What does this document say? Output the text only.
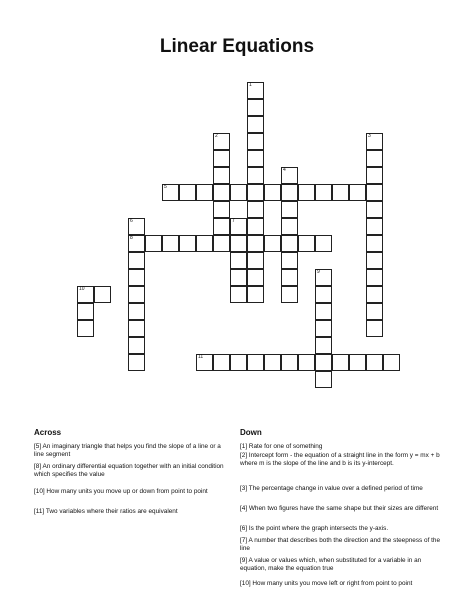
Linear Equations
1
2	3
4
6
8
7
9
10
5
11
Across	Down
[5] An imaginary triangle that helps you find the slope of a line or a line segment
[8] An ordinary differential equation together with an initial condition which specifies the value
[10] How many units you move up or down from point to point
[11] Two variables where their ratios are equivalent
[1] Rate for one of something
[2] Intercept form - the equation of a straight line in the form y = mx + b where m is the slope of the line and b is its y-intercept.
[3] The percentage change in value over a defined period of time
[4] When two figures have the same shape but their sizes are different
[6] Is the point where the graph intersects the y-axis.
[7] A number that describes both the direction and the steepness of the line
[9] A value or values which, when substituted for a variable in an equation, make the equation true
[10] How many units you move left or right from point to point
